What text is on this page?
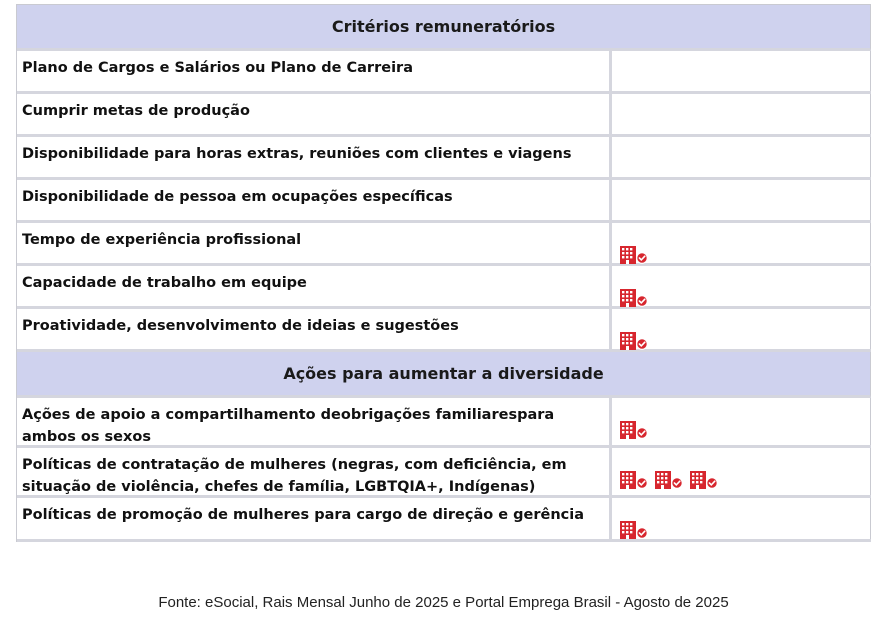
Critérios remuneratórios
Plano de Cargos e Salários ou Plano de Carreira
Cumprir metas de produção
Disponibilidade para horas extras, reuniões com clientes e viagens
Disponibilidade de pessoa em ocupações específicas
Tempo de experiência profissional
Capacidade de trabalho em equipe
Proatividade, desenvolvimento de ideias e sugestões
Ações para aumentar a diversidade
Ações de apoio a compartilhamento deobrigações familiarespara ambos os sexos
Políticas de contratação de mulheres (negras, com deficiência, em situação de violência, chefes de família, LGBTQIA+, Indígenas)
Políticas de promoção de mulheres para cargo de direção e gerência
Fonte: eSocial, Rais Mensal Junho de 2025 e Portal Emprega Brasil - Agosto de 2025
